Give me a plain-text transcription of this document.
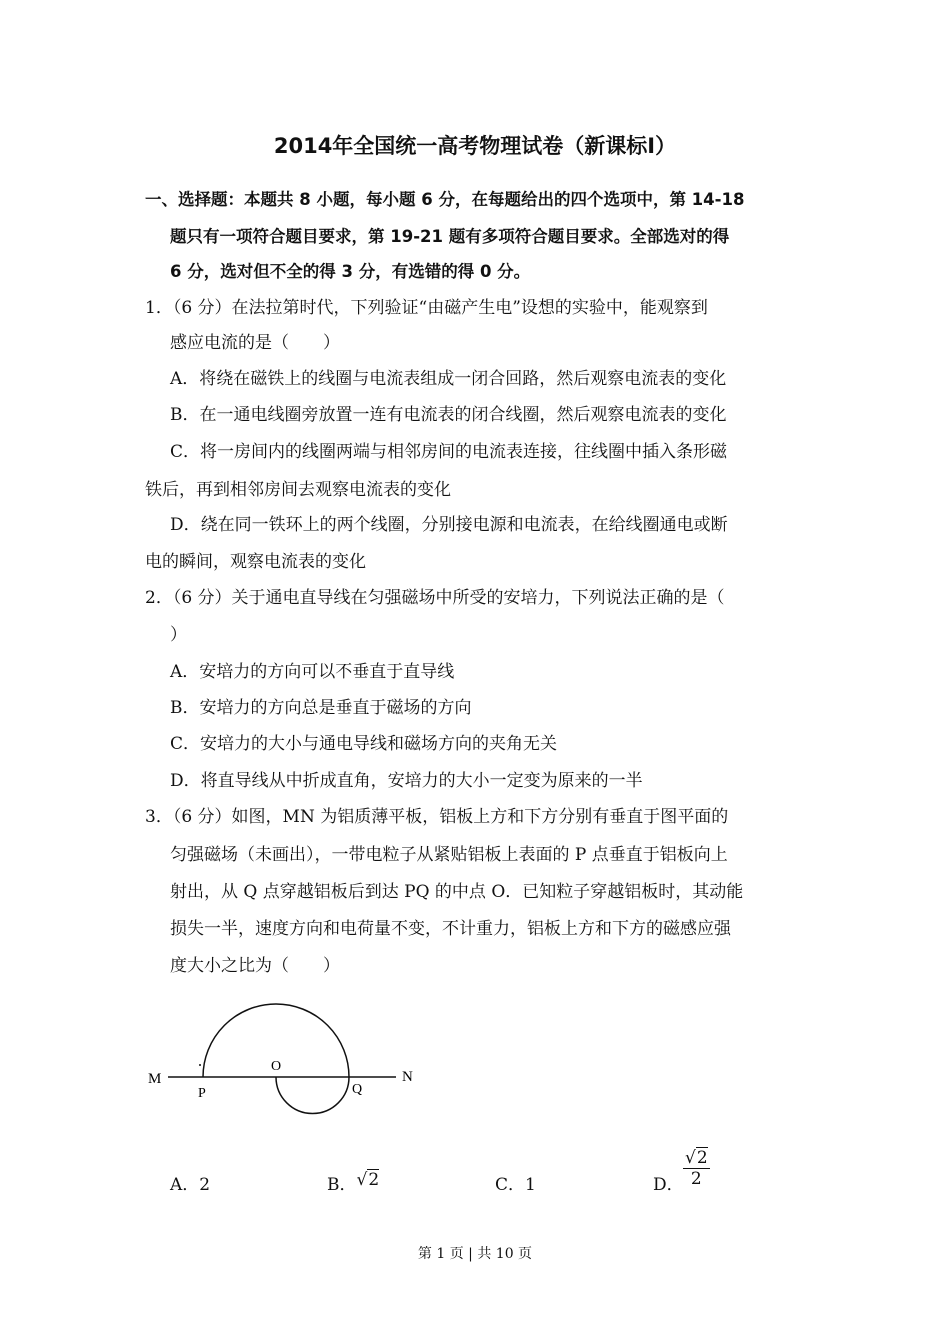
2014年全国统一高考物理试卷（新课标Ⅰ）
一、选择题：本题共 8 小题，每小题 6 分，在每题给出的四个选项中，第 14-18
题只有一项符合题目要求，第 19-21 题有多项符合题目要求。全部选对的得
6 分，选对但不全的得 3 分，有选错的得 0 分。
1．（6 分）在法拉第时代，下列验证“由磁产生电”设想的实验中，能观察到
感应电流的是（　　）
A．将绕在磁铁上的线圈与电流表组成一闭合回路，然后观察电流表的变化
B．在一通电线圈旁放置一连有电流表的闭合线圈，然后观察电流表的变化
C．将一房间内的线圈两端与相邻房间的电流表连接，往线圈中插入条形磁
铁后，再到相邻房间去观察电流表的变化
D．绕在同一铁环上的两个线圈，分别接电源和电流表，在给线圈通电或断
电的瞬间，观察电流表的变化
2．（6 分）关于通电直导线在匀强磁场中所受的安培力，下列说法正确的是（
）
A．安培力的方向可以不垂直于直导线
B．安培力的方向总是垂直于磁场的方向
C．安培力的大小与通电导线和磁场方向的夹角无关
D．将直导线从中折成直角，安培力的大小一定变为原来的一半
3．（6 分）如图，MN 为铝质薄平板，铝板上方和下方分别有垂直于图平面的
匀强磁场（未画出），一带电粒子从紧贴铝板上表面的 P 点垂直于铝板向上
射出，从 Q 点穿越铝板后到达 PQ 的中点 O．已知粒子穿越铝板时，其动能
损失一半，速度方向和电荷量不变，不计重力，铝板上方和下方的磁感应强
度大小之比为（　　）
M	N
P
O
Q
A．2	B．√2	C．1	D． $\frac{√2}{2}$
第 1 页 | 共 10 页
